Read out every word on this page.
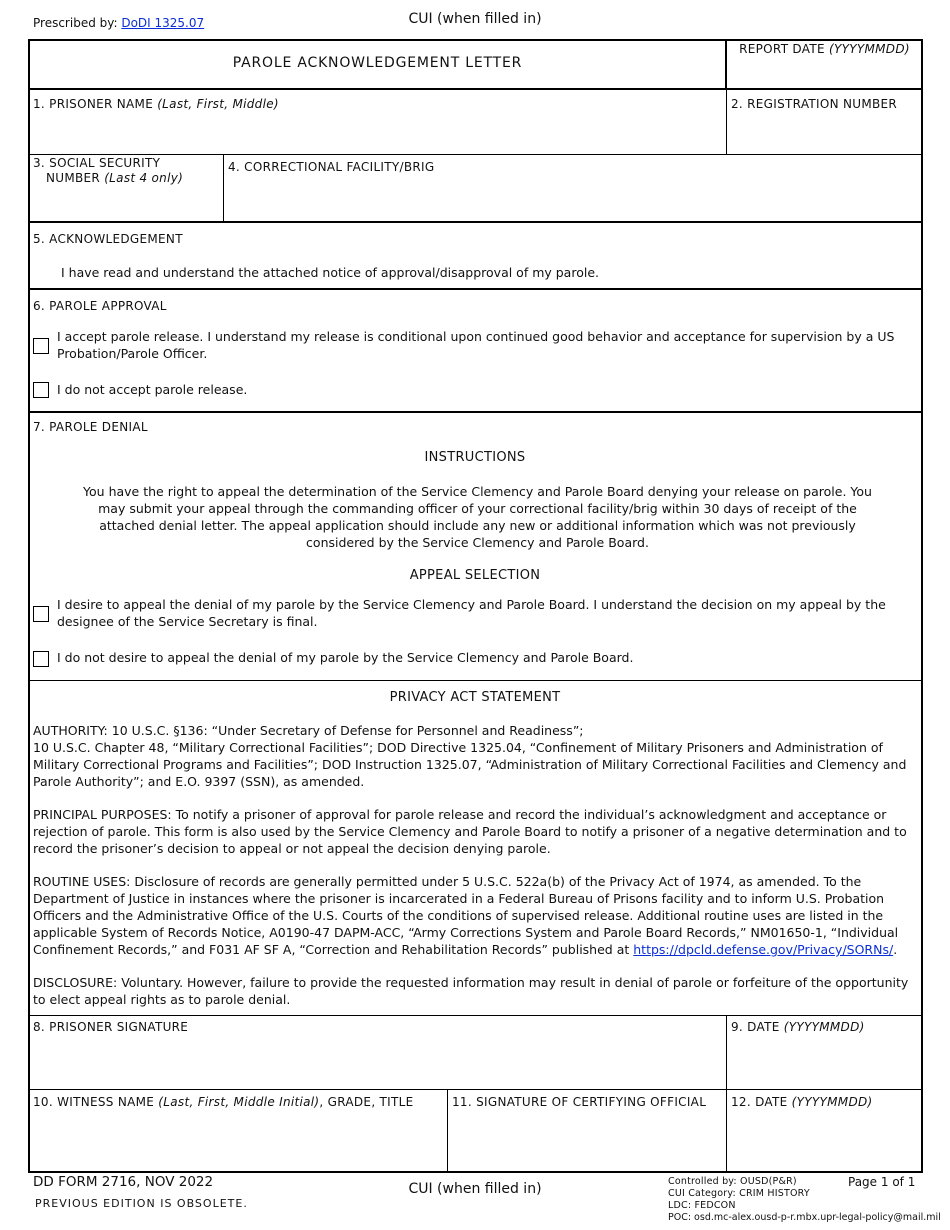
Prescribed by: DoDI 1325.07	CUI (when filled in)
PAROLE ACKNOWLEDGEMENT LETTER
REPORT DATE (YYYYMMDD)
1. PRISONER NAME (Last, First, Middle)	2. REGISTRATION NUMBER
3. SOCIAL SECURITY
NUMBER (Last 4 only)
4. CORRECTIONAL FACILITY/BRIG
5. ACKNOWLEDGEMENT
I have read and understand the attached notice of approval/disapproval of my parole.
6. PAROLE APPROVAL
I accept parole release. I understand my release is conditional upon continued good behavior and acceptance for supervision by a US Probation/Parole Officer.
I do not accept parole release.
7. PAROLE DENIAL
INSTRUCTIONS
You have the right to appeal the determination of the Service Clemency and Parole Board denying your release on parole. You may submit your appeal through the commanding officer of your correctional facility/brig within 30 days of receipt of the attached denial letter. The appeal application should include any new or additional information which was not previously considered by the Service Clemency and Parole Board.
APPEAL SELECTION
I desire to appeal the denial of my parole by the Service Clemency and Parole Board. I understand the decision on my appeal by the designee of the Service Secretary is final.
I do not desire to appeal the denial of my parole by the Service Clemency and Parole Board.
PRIVACY ACT STATEMENT
AUTHORITY: 10 U.S.C. §136: “Under Secretary of Defense for Personnel and Readiness”;
10 U.S.C. Chapter 48, “Military Correctional Facilities”; DOD Directive 1325.04, “Confinement of Military Prisoners and Administration of Military Correctional Programs and Facilities”; DOD Instruction 1325.07, “Administration of Military Correctional Facilities and Clemency and Parole Authority”; and E.O. 9397 (SSN), as amended.
PRINCIPAL PURPOSES: To notify a prisoner of approval for parole release and record the individual’s acknowledgment and acceptance or rejection of parole. This form is also used by the Service Clemency and Parole Board to notify a prisoner of a negative determination and to record the prisoner’s decision to appeal or not appeal the decision denying parole.
ROUTINE USES: Disclosure of records are generally permitted under 5 U.S.C. 522a(b) of the Privacy Act of 1974, as amended. To the Department of Justice in instances where the prisoner is incarcerated in a Federal Bureau of Prisons facility and to inform U.S. Probation Officers and the Administrative Office of the U.S. Courts of the conditions of supervised release. Additional routine uses are listed in the applicable System of Records Notice, A0190-47 DAPM-ACC, “Army Corrections System and Parole Board Records,” NM01650-1, “Individual Confinement Records,” and F031 AF SF A, “Correction and Rehabilitation Records” published at https://dpcld.defense.gov/Privacy/SORNs/.
DISCLOSURE: Voluntary. However, failure to provide the requested information may result in denial of parole or forfeiture of the opportunity to elect appeal rights as to parole denial.
8. PRISONER SIGNATURE	9. DATE (YYYYMMDD)
10. WITNESS NAME (Last, First, Middle Initial), GRADE, TITLE	11. SIGNATURE OF CERTIFYING OFFICIAL 12. DATE (YYYYMMDD)
DD FORM 2716, NOV 2022
PREVIOUS EDITION IS OBSOLETE.
CUI (when filled in)	Controlled by: OUSD(P&R)
CUI Category: CRIM HISTORY
LDC: FEDCON
POC: osd.mc-alex.ousd-p-r.mbx.upr-legal-policy@mail.mil
Page 1 of 1
